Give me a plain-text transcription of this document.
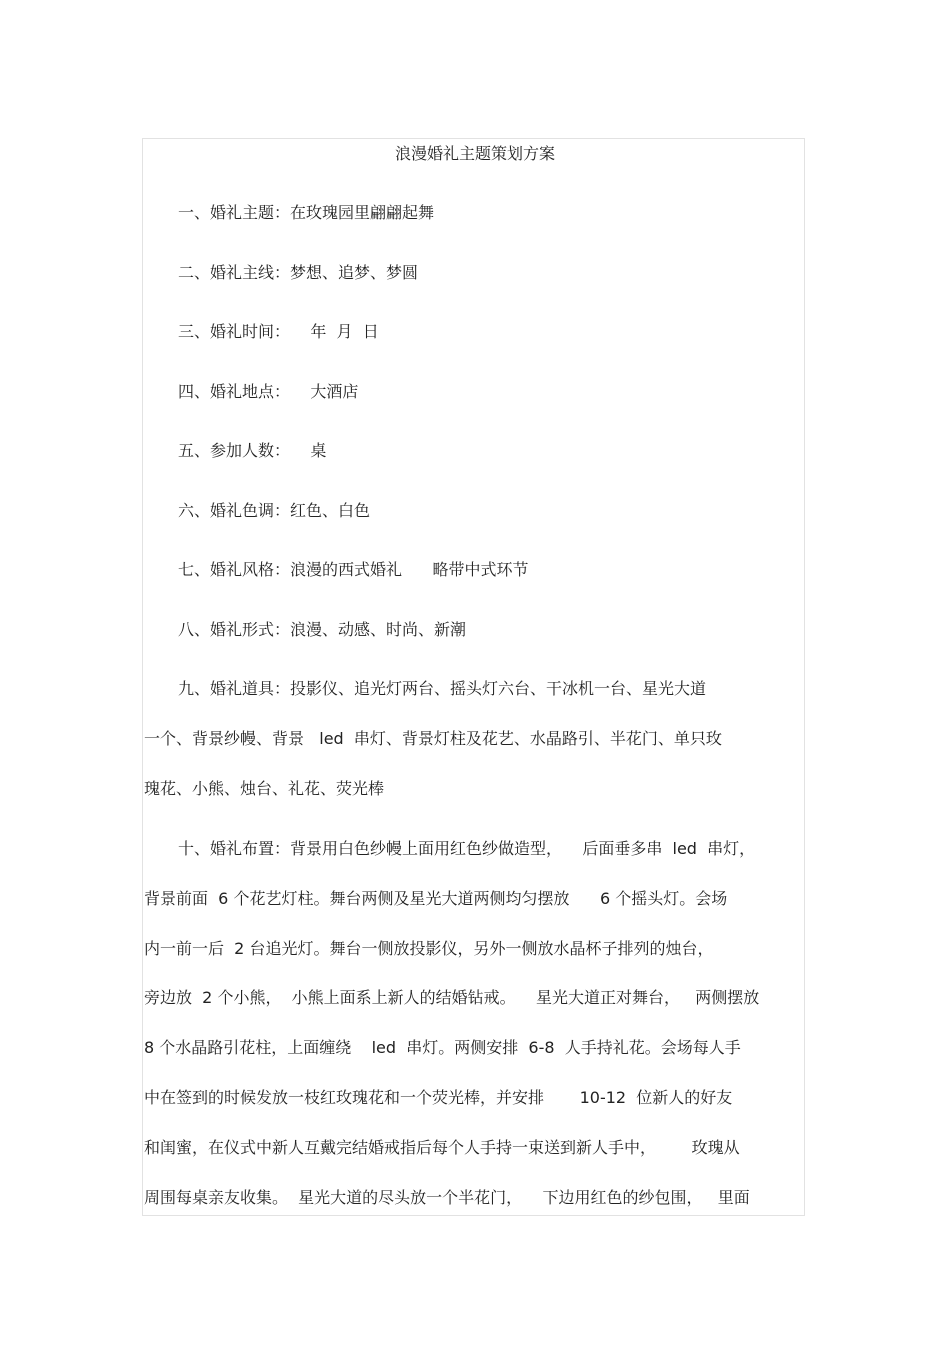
浪漫婚礼主题策划方案

一、婚礼主题：在玫瑰园里翩翩起舞

二、婚礼主线：梦想、追梦、梦圆

三、婚礼时间：    年  月  日

四、婚礼地点：    大酒店

五、参加人数：    桌

六、婚礼色调：红色、白色

七、婚礼风格：浪漫的西式婚礼      略带中式环节

八、婚礼形式：浪漫、动感、时尚、新潮

九、婚礼道具：投影仪、追光灯两台、摇头灯六台、干冰机一台、星光大道

一个、背景纱幔、背景   led  串灯、背景灯柱及花艺、水晶路引、半花门、单只玫

瑰花、小熊、烛台、礼花、荧光棒

十、婚礼布置：背景用白色纱幔上面用红色纱做造型，    后面垂多串  led  串灯，

背景前面  6 个花艺灯柱。舞台两侧及星光大道两侧均匀摆放      6 个摇头灯。会场

内一前一后  2 台追光灯。舞台一侧放投影仪，另外一侧放水晶杯子排列的烛台，

旁边放  2 个小熊，  小熊上面系上新人的结婚钻戒。    星光大道正对舞台，   两侧摆放

8 个水晶路引花柱，上面缠绕    led  串灯。两侧安排  6-8  人手持礼花。会场每人手

中在签到的时候发放一枝红玫瑰花和一个荧光棒，并安排       10-12  位新人的好友

和闺蜜，在仪式中新人互戴完结婚戒指后每个人手持一束送到新人手中，       玫瑰从

周围每桌亲友收集。  星光大道的尽头放一个半花门，    下边用红色的纱包围，   里面
